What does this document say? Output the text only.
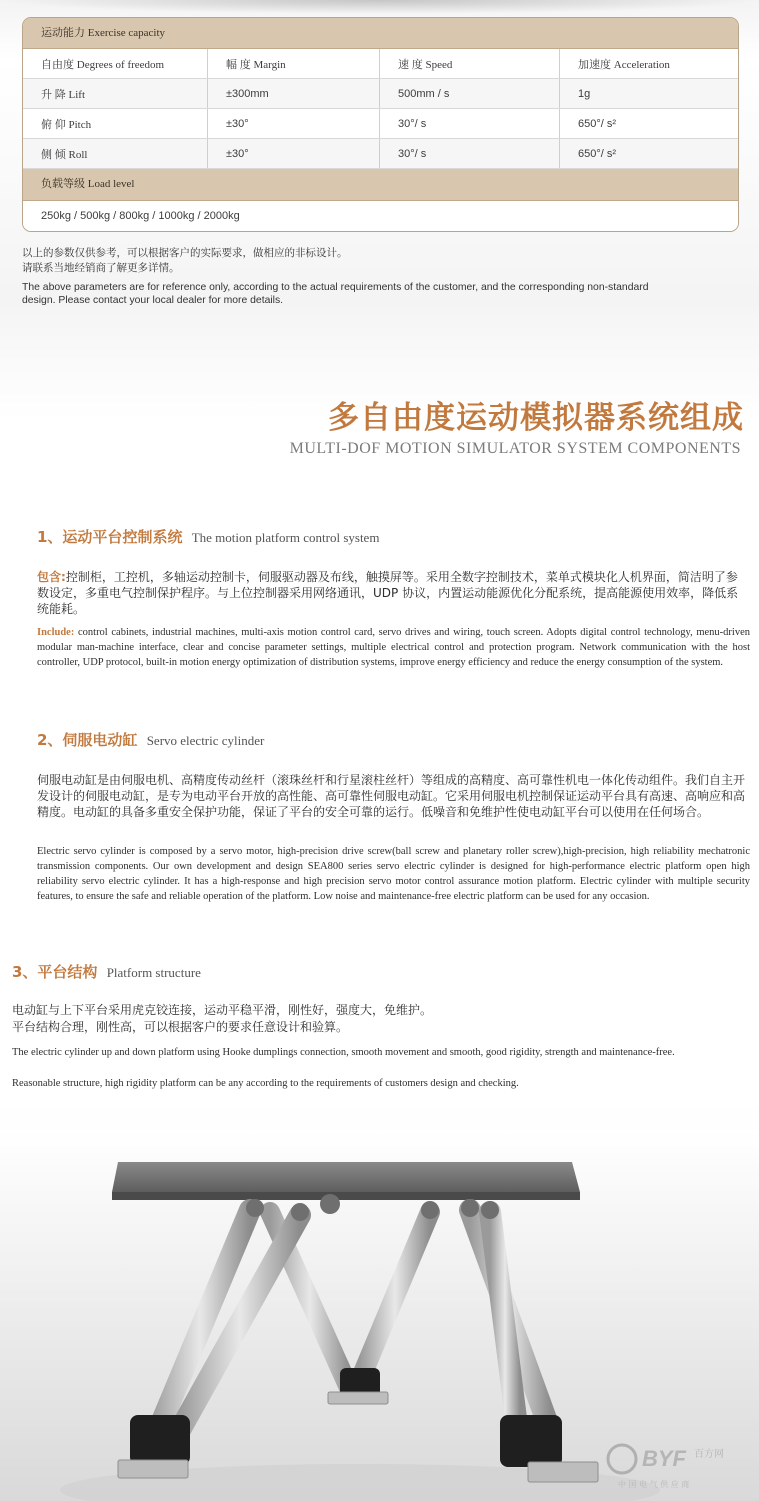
运动能力 Exercise capacity
自由度 Degrees of freedom	幅 度 Margin	速 度 Speed	加速度 Acceleration
升 降 Lift	±300mm	500mm / s	1g
俯 仰 Pitch	±30°	30°/ s	650°/ s²
侧 倾 Roll	±30°	30°/ s	650°/ s²
负载等级 Load level
250kg / 500kg / 800kg / 1000kg / 2000kg
以上的参数仅供参考，可以根据客户的实际要求，做相应的非标设计。
请联系当地经销商了解更多详情。
The above parameters are for reference only, according to the actual requirements of the customer, and the corresponding non-standard
design. Please contact your local dealer for more details.
多自由度运动模拟器系统组成
MULTI-DOF MOTION SIMULATOR SYSTEM COMPONENTS
1、运动平台控制系统 The motion platform control system
包含:控制柜，工控机，多轴运动控制卡，伺服驱动器及布线，触摸屏等。采用全数字控制技术，菜单式模块化人机界面，简洁明了参数设定，多重电气控制保护程序。与上位控制器采用网络通讯，UDP 协议，内置运动能源优化分配系统，提高能源使用效率，降低系统能耗。
Include: control cabinets, industrial machines, multi-axis motion control card, servo drives and wiring, touch screen. Adopts digital control technology, menu-driven modular man-machine interface, clear and concise parameter settings, multiple electrical control and protection program. Network communication with the host controller, UDP protocol, built-in motion energy optimization of distribution systems, improve energy efficiency and reduce the energy consumption of the system.
2、伺服电动缸 Servo electric cylinder
伺服电动缸是由伺服电机、高精度传动丝杆（滚珠丝杆和行星滚柱丝杆）等组成的高精度、高可靠性机电一体化传动组件。我们自主开发设计的伺服电动缸，是专为电动平台开放的高性能、高可靠性伺服电动缸。它采用伺服电机控制保证运动平台具有高速、高响应和高精度。电动缸的具备多重安全保护功能，保证了平台的安全可靠的运行。低噪音和免维护性使电动缸平台可以使用在任何场合。
Electric servo cylinder is composed by a servo motor, high-precision drive screw(ball screw and planetary roller screw),high-precision, high reliability mechatronic transmission components. Our own development and design SEA800 series servo electric cylinder is designed for high-performance electric platform open high reliability servo electric cylinder. It has a high-response and high precision servo motor control assurance motion platform. Electric cylinder with multiple security features, to ensure the safe and reliable operation of the platform. Low noise and maintenance-free electric platform can be used for any occasion.
3、平台结构 Platform structure
电动缸与上下平台采用虎克铰连接，运动平稳平滑，刚性好，强度大，免维护。
平台结构合理，刚性高，可以根据客户的要求任意设计和验算。
The electric cylinder up and down platform using Hooke dumplings connection, smooth movement and smooth, good rigidity, strength and maintenance-free.
Reasonable structure, high rigidity platform can be any according to the requirements of customers design and checking.
BYF 百方网
中 国 电 气 供 应 商
